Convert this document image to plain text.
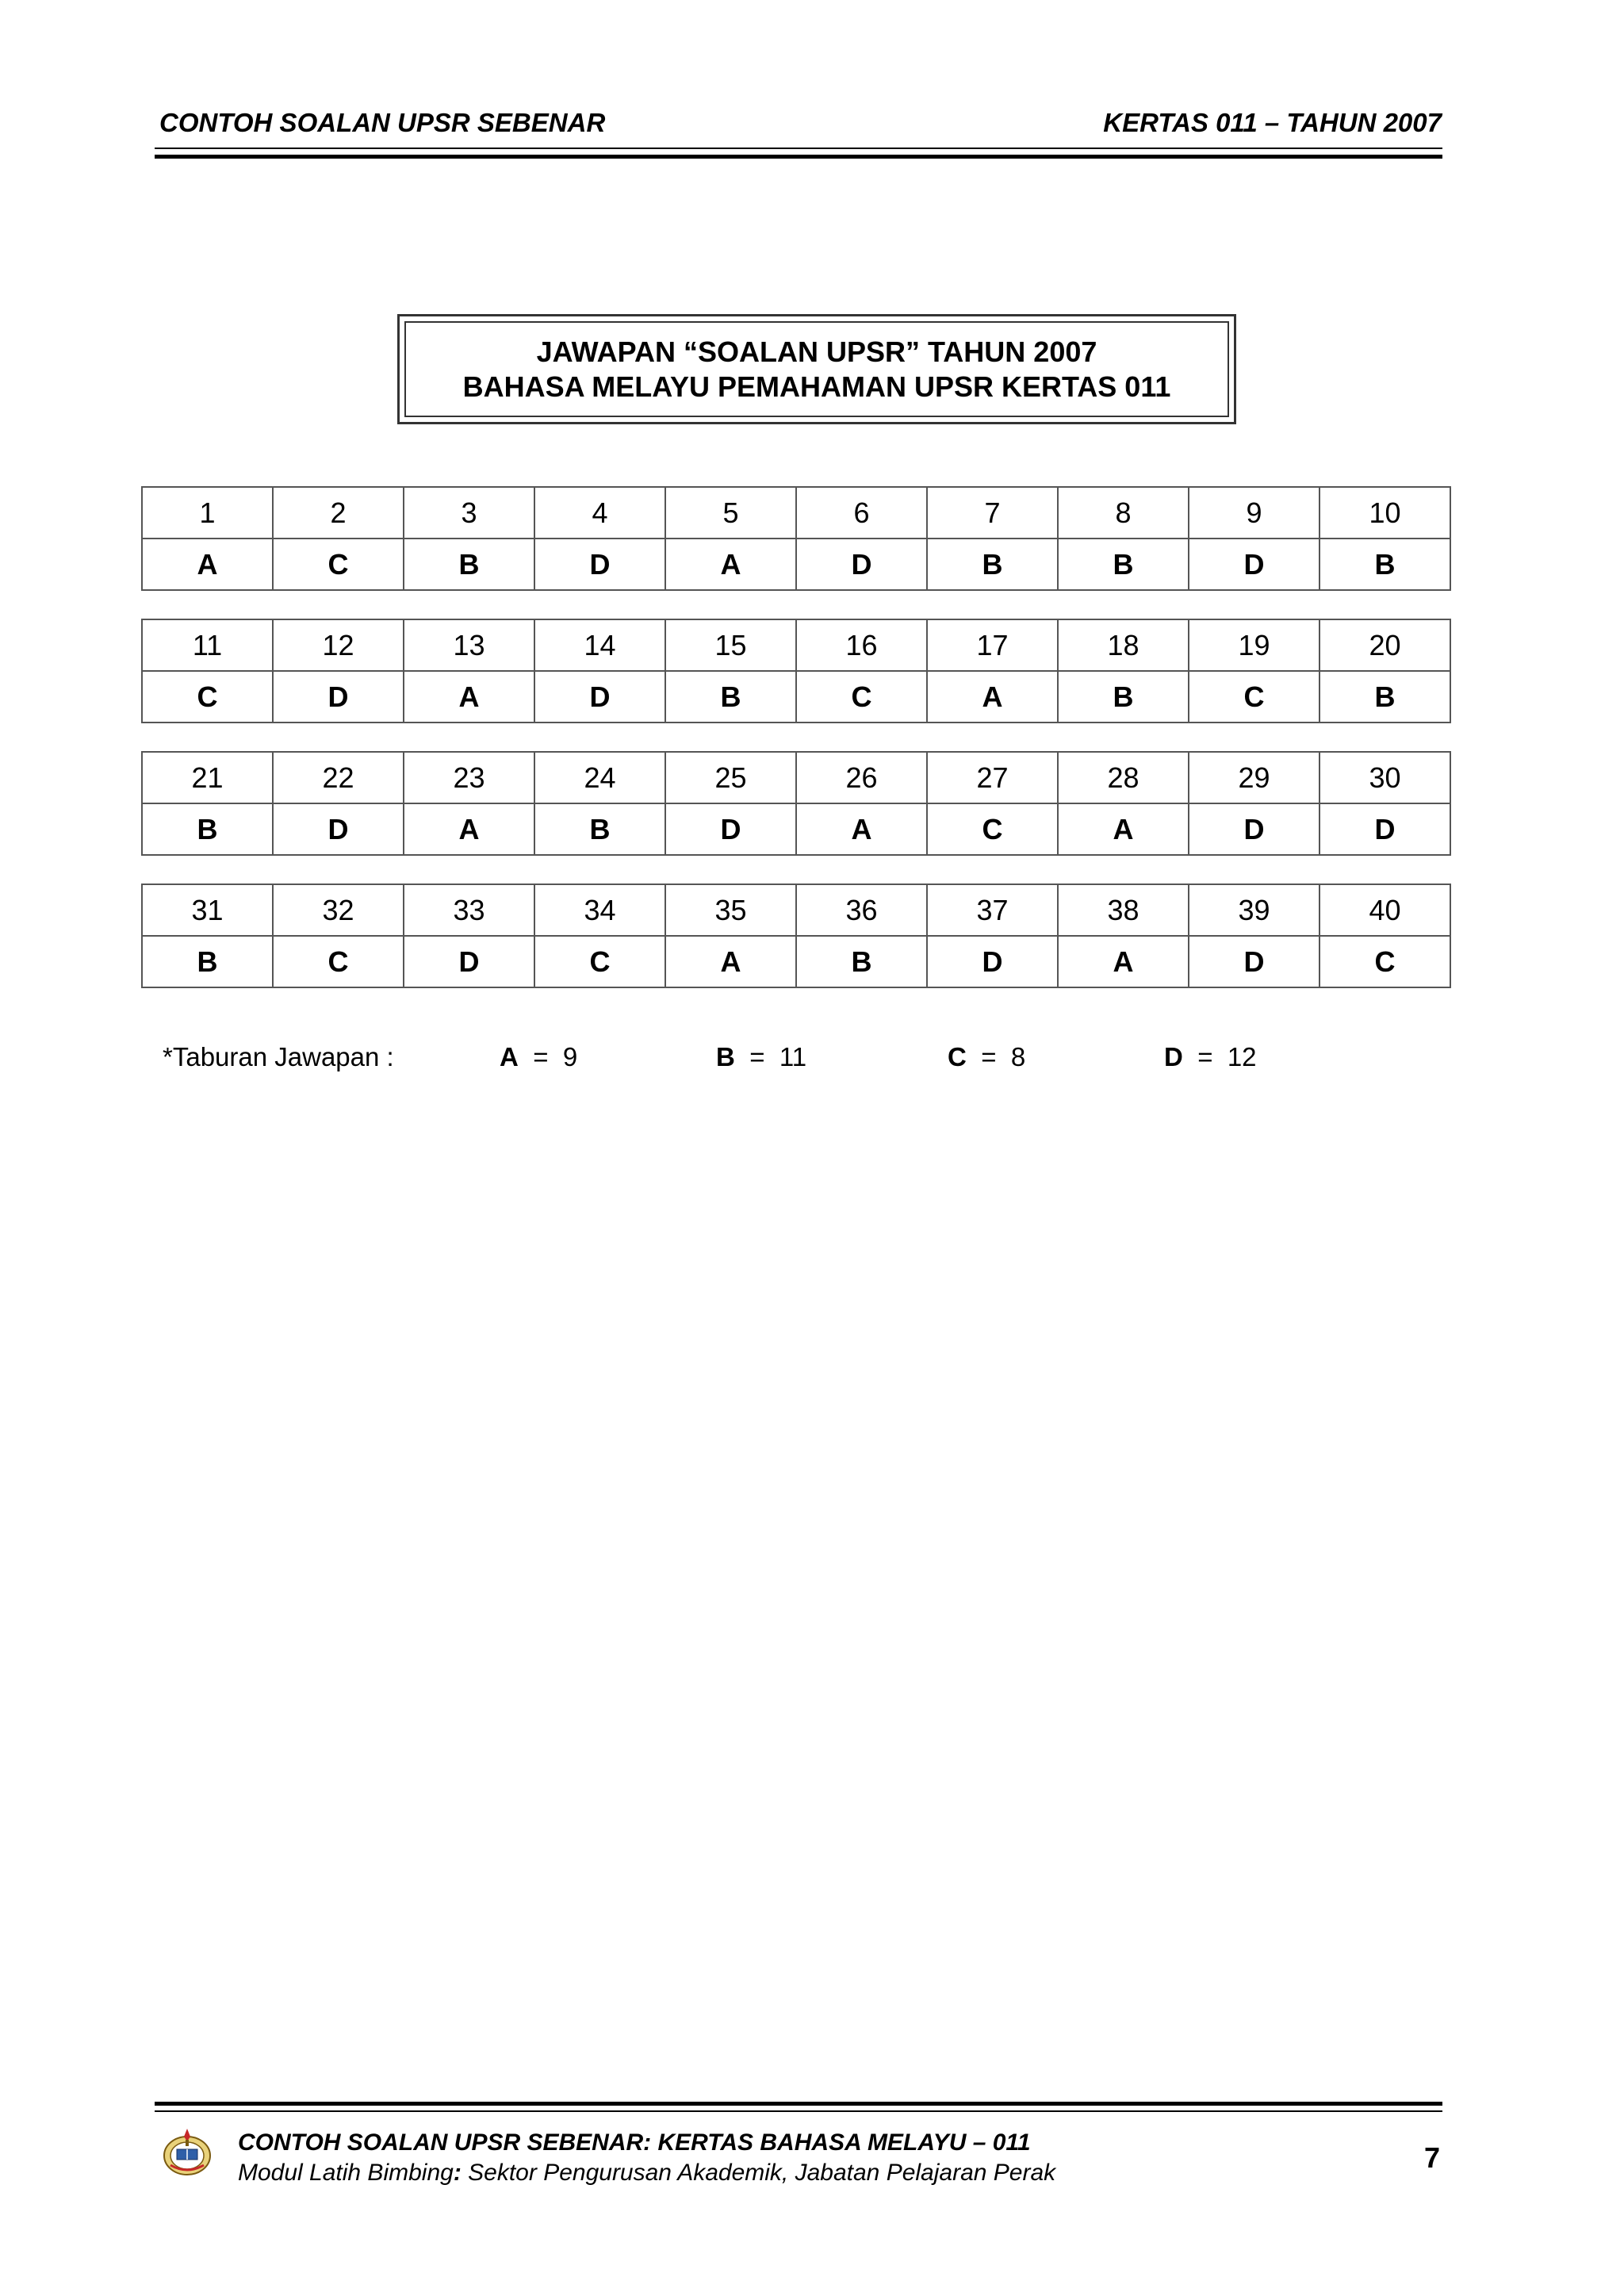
CONTOH SOALAN UPSR SEBENAR	KERTAS 011 – TAHUN 2007
JAWAPAN “SOALAN UPSR” TAHUN 2007
BAHASA MELAYU PEMAHAMAN UPSR KERTAS 011
1	2	3	4	5	6	7	8	9	10
A	C	B	D	A	D	B	B	D	B
11	12	13	14	15	16	17	18	19	20
C	D	A	D	B	C	A	B	C	B
21	22	23	24	25	26	27	28	29	30
B	D	A	B	D	A	C	A	D	D
31	32	33	34	35	36	37	38	39	40
B	C	D	C	A	B	D	A	D	C
*Taburan Jawapan :	A = 9	B = 11	C = 8	D = 12
CONTOH SOALAN UPSR SEBENAR: KERTAS BAHASA MELAYU – 011
Modul Latih Bimbing: Sektor Pengurusan Akademik, Jabatan Pelajaran Perak	7
